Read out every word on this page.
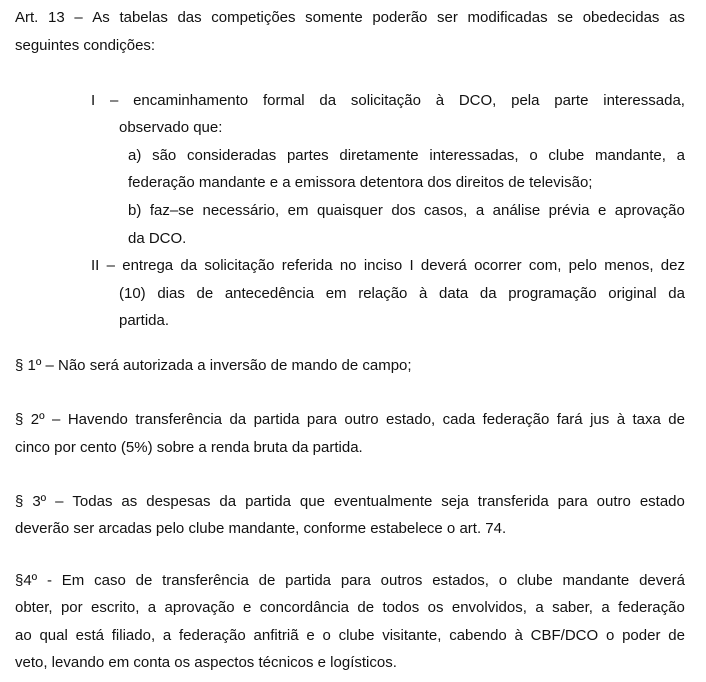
Art. 13 – As tabelas das competições somente poderão ser modificadas se obedecidas as
seguintes condições:
I – encaminhamento formal da solicitação à DCO, pela parte interessada,
observado que:
a) são consideradas partes diretamente interessadas, o clube mandante, a
federação mandante e a emissora detentora dos direitos de televisão;
b) faz–se necessário, em quaisquer dos casos, a análise prévia e aprovação
da DCO.
II – entrega da solicitação referida no inciso I deverá ocorrer com, pelo menos, dez
(10) dias de antecedência em relação à data da programação original da
partida.
§ 1º – Não será autorizada a inversão de mando de campo;
§ 2º – Havendo transferência da partida para outro estado, cada federação fará jus à taxa de
cinco por cento (5%) sobre a renda bruta da partida.
§ 3º – Todas as despesas da partida que eventualmente seja transferida para outro estado
deverão ser arcadas pelo clube mandante, conforme estabelece o art. 74.
§4º - Em caso de transferência de partida para outros estados, o clube mandante deverá
obter, por escrito, a aprovação e concordância de todos os envolvidos, a saber, a federação
ao qual está filiado, a federação anfitriã e o clube visitante, cabendo à CBF/DCO o poder de
veto, levando em conta os aspectos técnicos e logísticos.
